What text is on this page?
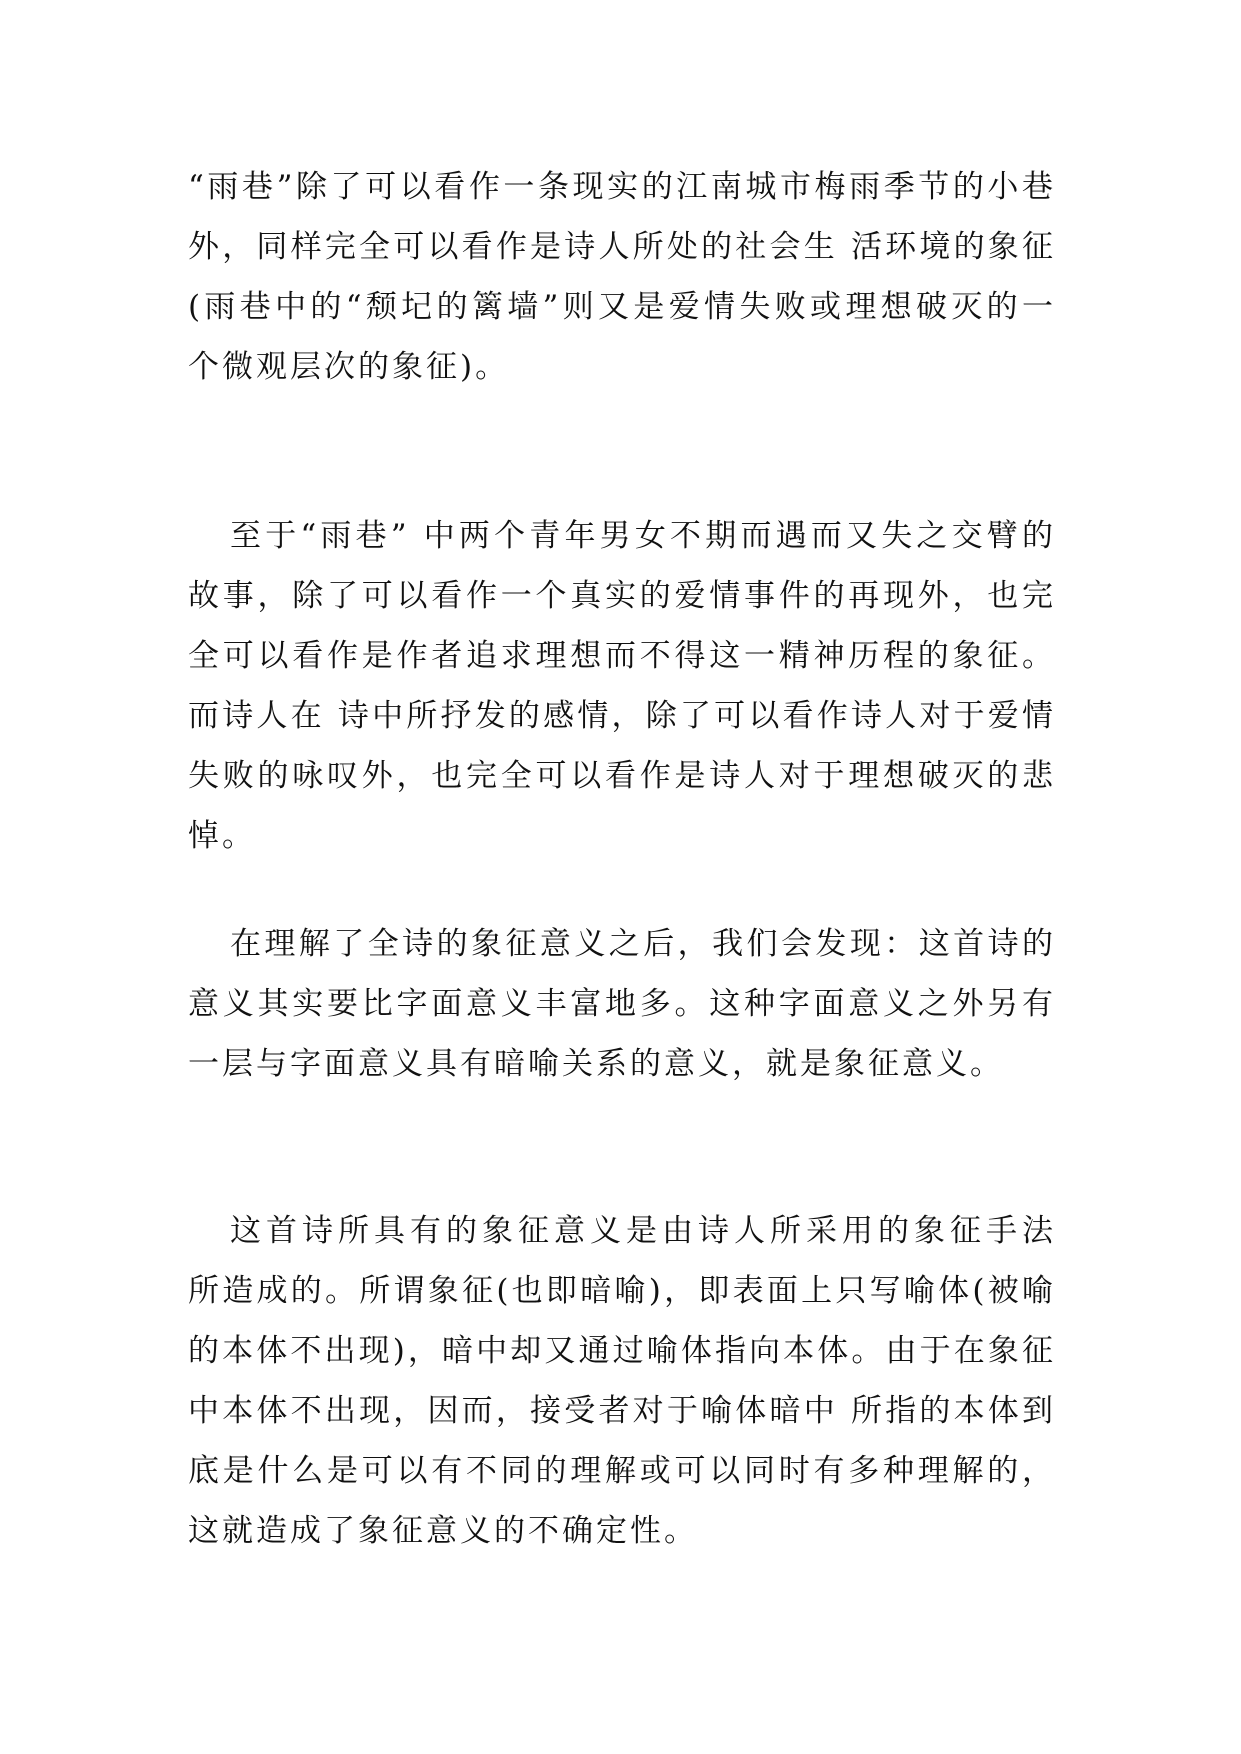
“雨巷”除了可以看作一条现实的江南城市梅雨季节的小巷外，同样完全可以看作是诗人所处的社会生 活环境的象征(雨巷中的“颓圮的篱墙”则又是爱情失败或理想破灭的一个微观层次的象征)。

至于“雨巷” 中两个青年男女不期而遇而又失之交臂的故事，除了可以看作一个真实的爱情事件的再现外，也完全可以看作是作者追求理想而不得这一精神历程的象征。而诗人在 诗中所抒发的感情，除了可以看作诗人对于爱情失败的咏叹外，也完全可以看作是诗人对于理想破灭的悲悼。

在理解了全诗的象征意义之后，我们会发现：这首诗的意义其实要比字面意义丰富地多。这种字面意义之外另有一层与字面意义具有暗喻关系的意义，就是象征意义。

这首诗所具有的象征意义是由诗人所采用的象征手法 所造成的。所谓象征(也即暗喻)，即表面上只写喻体(被喻的本体不出现)，暗中却又通过喻体指向本体。由于在象征中本体不出现，因而，接受者对于喻体暗中 所指的本体到底是什么是可以有不同的理解或可以同时有多种理解的，这就造成了象征意义的不确定性。
